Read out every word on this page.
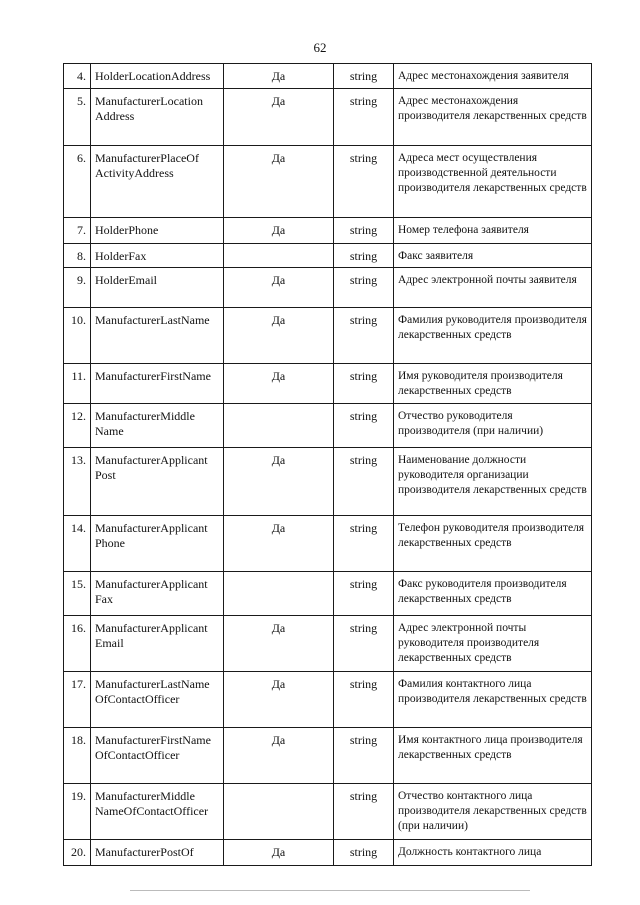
62
4.	HolderLocationAddress	Да	string	Адрес местонахождения заявителя
5.	ManufacturerLocation Address	Да	string	Адрес местонахождения производителя лекарственных средств
6.	ManufacturerPlaceOf ActivityAddress	Да	string	Адреса мест осуществления производственной деятельности производителя лекарственных средств
7.	HolderPhone	Да	string	Номер телефона заявителя
8.	HolderFax		string	Факс заявителя
9.	HolderEmail	Да	string	Адрес электронной почты заявителя
10.	ManufacturerLastName	Да	string	Фамилия руководителя производителя лекарственных средств
11.	ManufacturerFirstName	Да	string	Имя руководителя производителя лекарственных средств
12.	ManufacturerMiddle Name		string	Отчество руководителя производителя (при наличии)
13.	ManufacturerApplicant Post	Да	string	Наименование должности руководителя организации производителя лекарственных средств
14.	ManufacturerApplicant Phone	Да	string	Телефон руководителя производителя лекарственных средств
15.	ManufacturerApplicant Fax		string	Факс руководителя производителя лекарственных средств
16.	ManufacturerApplicant Email	Да	string	Адрес электронной почты руководителя производителя лекарственных средств
17.	ManufacturerLastName OfContactOfficer	Да	string	Фамилия контактного лица производителя лекарственных средств
18.	ManufacturerFirstName OfContactOfficer	Да	string	Имя контактного лица производителя лекарственных средств
19.	ManufacturerMiddle NameOfContactOfficer		string	Отчество контактного лица производителя лекарственных средств (при наличии)
20.	ManufacturerPostOf	Да	string	Должность контактного лица
